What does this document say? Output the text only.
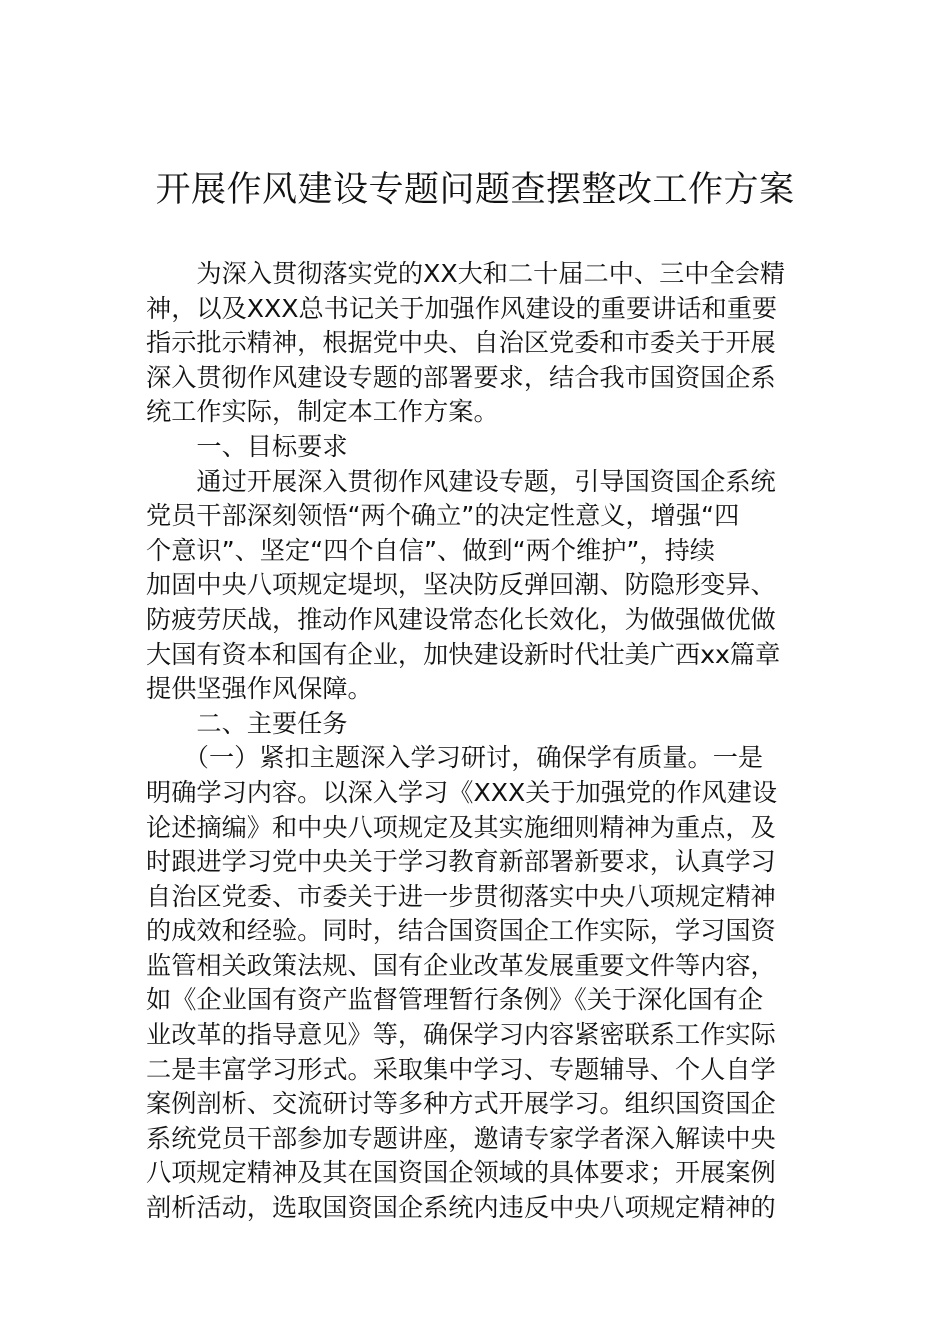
开展作风建设专题问题查摆整改工作方案
　　为深入贯彻落实党的XX大和二十届二中、三中全会精
神，以及XXX总书记关于加强作风建设的重要讲话和重要
指示批示精神，根据党中央、自治区党委和市委关于开展
深入贯彻作风建设专题的部署要求，结合我市国资国企系
统工作实际，制定本工作方案。
　　一、目标要求
　　通过开展深入贯彻作风建设专题，引导国资国企系统
党员干部深刻领悟“两个确立”的决定性意义，增强“四
个意识”、坚定“四个自信”、做到“两个维护”，持续
加固中央八项规定堤坝，坚决防反弹回潮、防隐形变异、
防疲劳厌战，推动作风建设常态化长效化，为做强做优做
大国有资本和国有企业，加快建设新时代壮美广西xx篇章
提供坚强作风保障。
　　二、主要任务
　　（一）紧扣主题深入学习研讨，确保学有质量。一是
明确学习内容。以深入学习《XXX关于加强党的作风建设
论述摘编》和中央八项规定及其实施细则精神为重点，及
时跟进学习党中央关于学习教育新部署新要求，认真学习
自治区党委、市委关于进一步贯彻落实中央八项规定精神
的成效和经验。同时，结合国资国企工作实际，学习国资
监管相关政策法规、国有企业改革发展重要文件等内容，
如《企业国有资产监督管理暂行条例》《关于深化国有企
业改革的指导意见》等，确保学习内容紧密联系工作实际
二是丰富学习形式。采取集中学习、专题辅导、个人自学
案例剖析、交流研讨等多种方式开展学习。组织国资国企
系统党员干部参加专题讲座，邀请专家学者深入解读中央
八项规定精神及其在国资国企领域的具体要求；开展案例
剖析活动，选取国资国企系统内违反中央八项规定精神的
